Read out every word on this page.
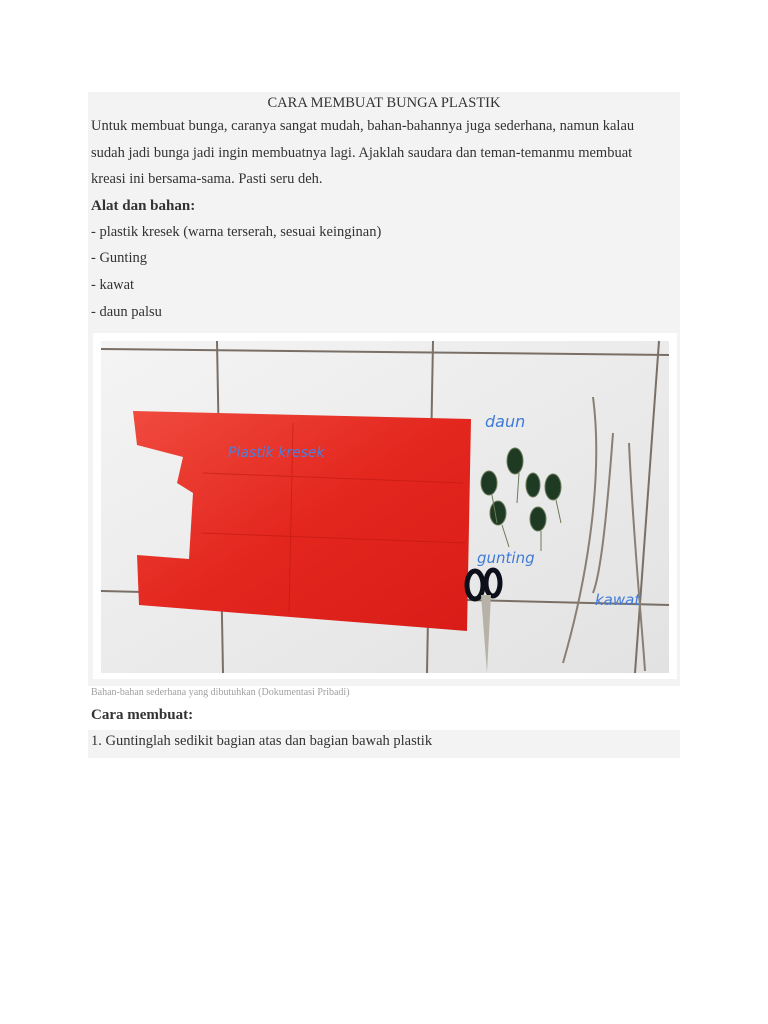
CARA MEMBUAT BUNGA PLASTIK
Untuk membuat bunga, caranya sangat mudah, bahan-bahannya juga sederhana, namun kalau
sudah jadi bunga jadi ingin membuatnya lagi. Ajaklah saudara dan teman-temanmu membuat
kreasi ini bersama-sama. Pasti seru deh.
Alat dan bahan:
- plastik kresek (warna terserah, sesuai keinginan)
- Gunting
- kawat
- daun palsu
Plastik kresek
daun
gunting
kawat
Bahan-bahan sederhana yang dibutuhkan (Dokumentasi Pribadi)
Cara membuat:
1. Guntinglah sedikit bagian atas dan bagian bawah plastik
